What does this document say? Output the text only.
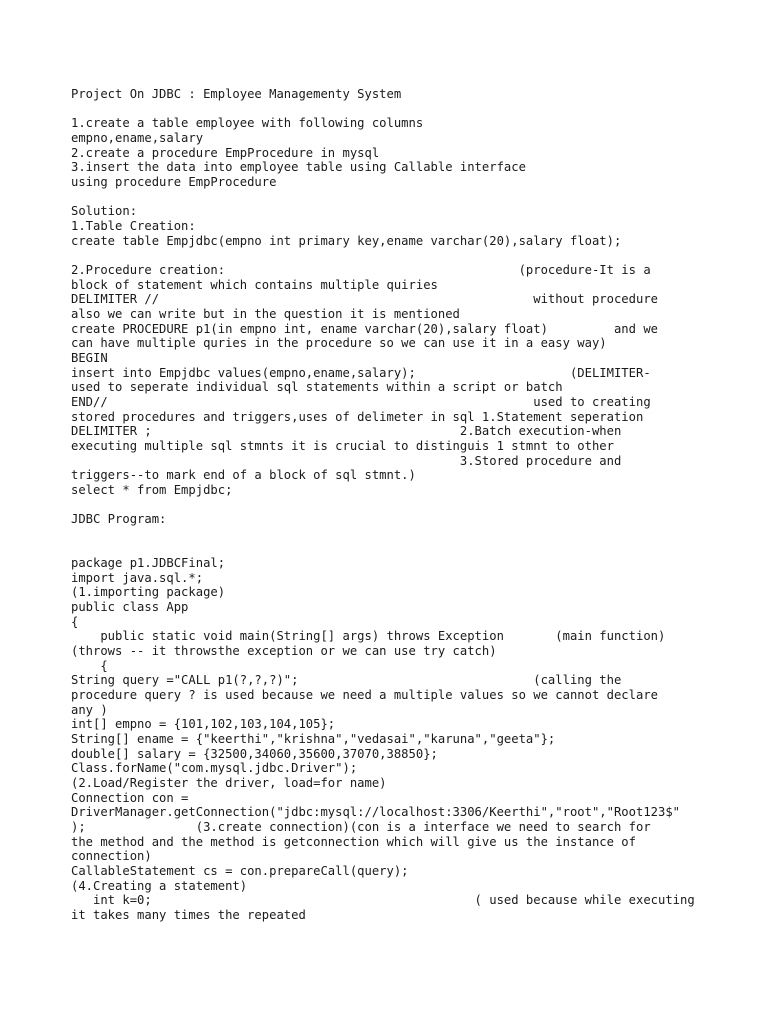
Project On JDBC : Employee Managementy System
1.create a table employee with following columns
empno,ename,salary
2.create a procedure EmpProcedure in mysql
3.insert the data into employee table using Callable interface
using procedure EmpProcedure
Solution:
1.Table Creation:
create table Empjdbc(empno int primary key,ename varchar(20),salary float);
2.Procedure creation:                                        (procedure-It is a
block of statement which contains multiple quiries
DELIMITER //                                                   without procedure
also we can write but in the question it is mentioned
create PROCEDURE p1(in empno int, ename varchar(20),salary float)         and we
can have multiple quries in the procedure so we can use it in a easy way)
BEGIN
insert into Empjdbc values(empno,ename,salary);                     (DELIMITER-
used to seperate individual sql statements within a script or batch
END//                                                          used to creating
stored procedures and triggers,uses of delimeter in sql 1.Statement seperation
DELIMITER ;                                          2.Batch execution-when
executing multiple sql stmnts it is crucial to distinguis 1 stmnt to other
3.Stored procedure and
triggers--to mark end of a block of sql stmnt.)
select * from Empjdbc;
JDBC Program:
package p1.JDBCFinal;
import java.sql.*;
(1.importing package)
public class App
{
public static void main(String[] args) throws Exception       (main function)
(throws -- it throwsthe exception or we can use try catch)
{
String query ="CALL p1(?,?,?)";                                (calling the
procedure query ? is used because we need a multiple values so we cannot declare
any )
int[] empno = {101,102,103,104,105};
String[] ename = {"keerthi","krishna","vedasai","karuna","geeta"};
double[] salary = {32500,34060,35600,37070,38850};
Class.forName("com.mysql.jdbc.Driver");
(2.Load/Register the driver, load=for name)
Connection con =
DriverManager.getConnection("jdbc:mysql://localhost:3306/Keerthi","root","Root123$"
);               (3.create connection)(con is a interface we need to search for
the method and the method is getconnection which will give us the instance of
connection)
CallableStatement cs = con.prepareCall(query);
(4.Creating a statement)
int k=0;                                            ( used because while executing
it takes many times the repeated
